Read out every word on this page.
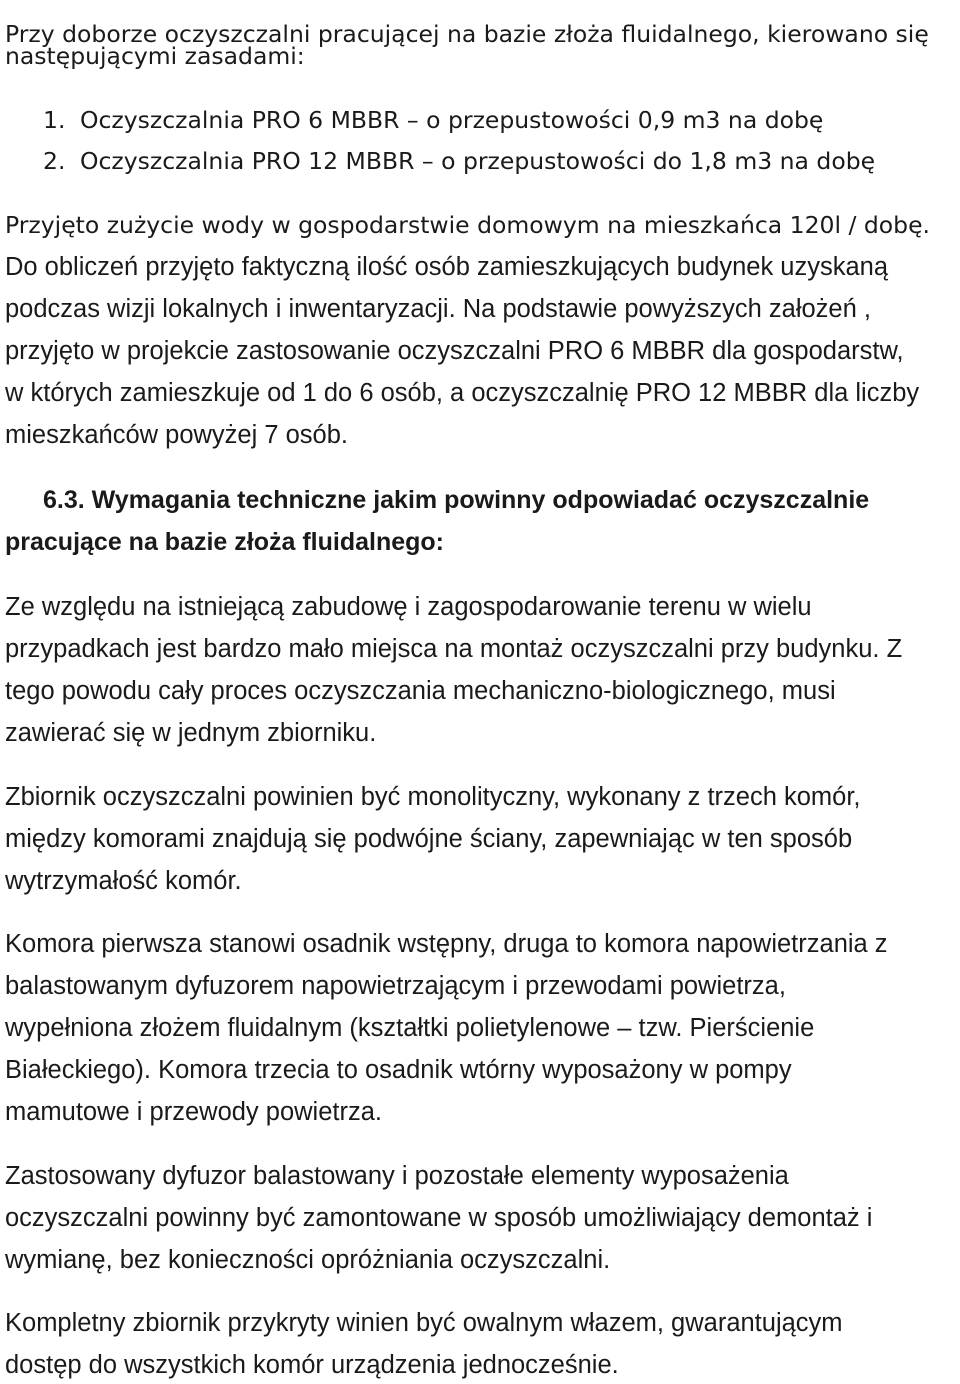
Przy doborze oczyszczalni pracującej na bazie złoża fluidalnego, kierowano się
następującymi zasadami:
1. Oczyszczalnia PRO 6 MBBR – o przepustowości 0,9 m3 na dobę
2. Oczyszczalnia PRO 12 MBBR – o przepustowości do 1,8 m3 na dobę
Przyjęto zużycie wody w gospodarstwie domowym na mieszkańca 120l / dobę.
Do obliczeń przyjęto faktyczną ilość osób zamieszkujących budynek uzyskaną
podczas wizji lokalnych i inwentaryzacji. Na podstawie powyższych założeń ,
przyjęto w projekcie zastosowanie oczyszczalni PRO 6 MBBR dla gospodarstw,
w których zamieszkuje od 1 do 6 osób, a oczyszczalnię PRO 12 MBBR dla liczby
mieszkańców powyżej 7 osób.
6.3. Wymagania techniczne jakim powinny odpowiadać oczyszczalnie
pracujące na bazie złoża fluidalnego:
Ze względu na istniejącą zabudowę i zagospodarowanie terenu w wielu
przypadkach jest bardzo mało miejsca na montaż oczyszczalni przy budynku. Z
tego powodu cały proces oczyszczania mechaniczno-biologicznego, musi
zawierać się w jednym zbiorniku.
Zbiornik oczyszczalni powinien być monolityczny, wykonany z trzech komór,
między komorami znajdują się podwójne ściany, zapewniając w ten sposób
wytrzymałość komór.
Komora pierwsza stanowi osadnik wstępny, druga to komora napowietrzania z
balastowanym dyfuzorem napowietrzającym i przewodami powietrza,
wypełniona złożem fluidalnym (kształtki polietylenowe – tzw. Pierścienie
Białeckiego). Komora trzecia to osadnik wtórny wyposażony w pompy
mamutowe i przewody powietrza.
Zastosowany dyfuzor balastowany i pozostałe elementy wyposażenia
oczyszczalni powinny być zamontowane w sposób umożliwiający demontaż i
wymianę, bez konieczności opróżniania oczyszczalni.
Kompletny zbiornik przykryty winien być owalnym włazem, gwarantującym
dostęp do wszystkich komór urządzenia jednocześnie.
